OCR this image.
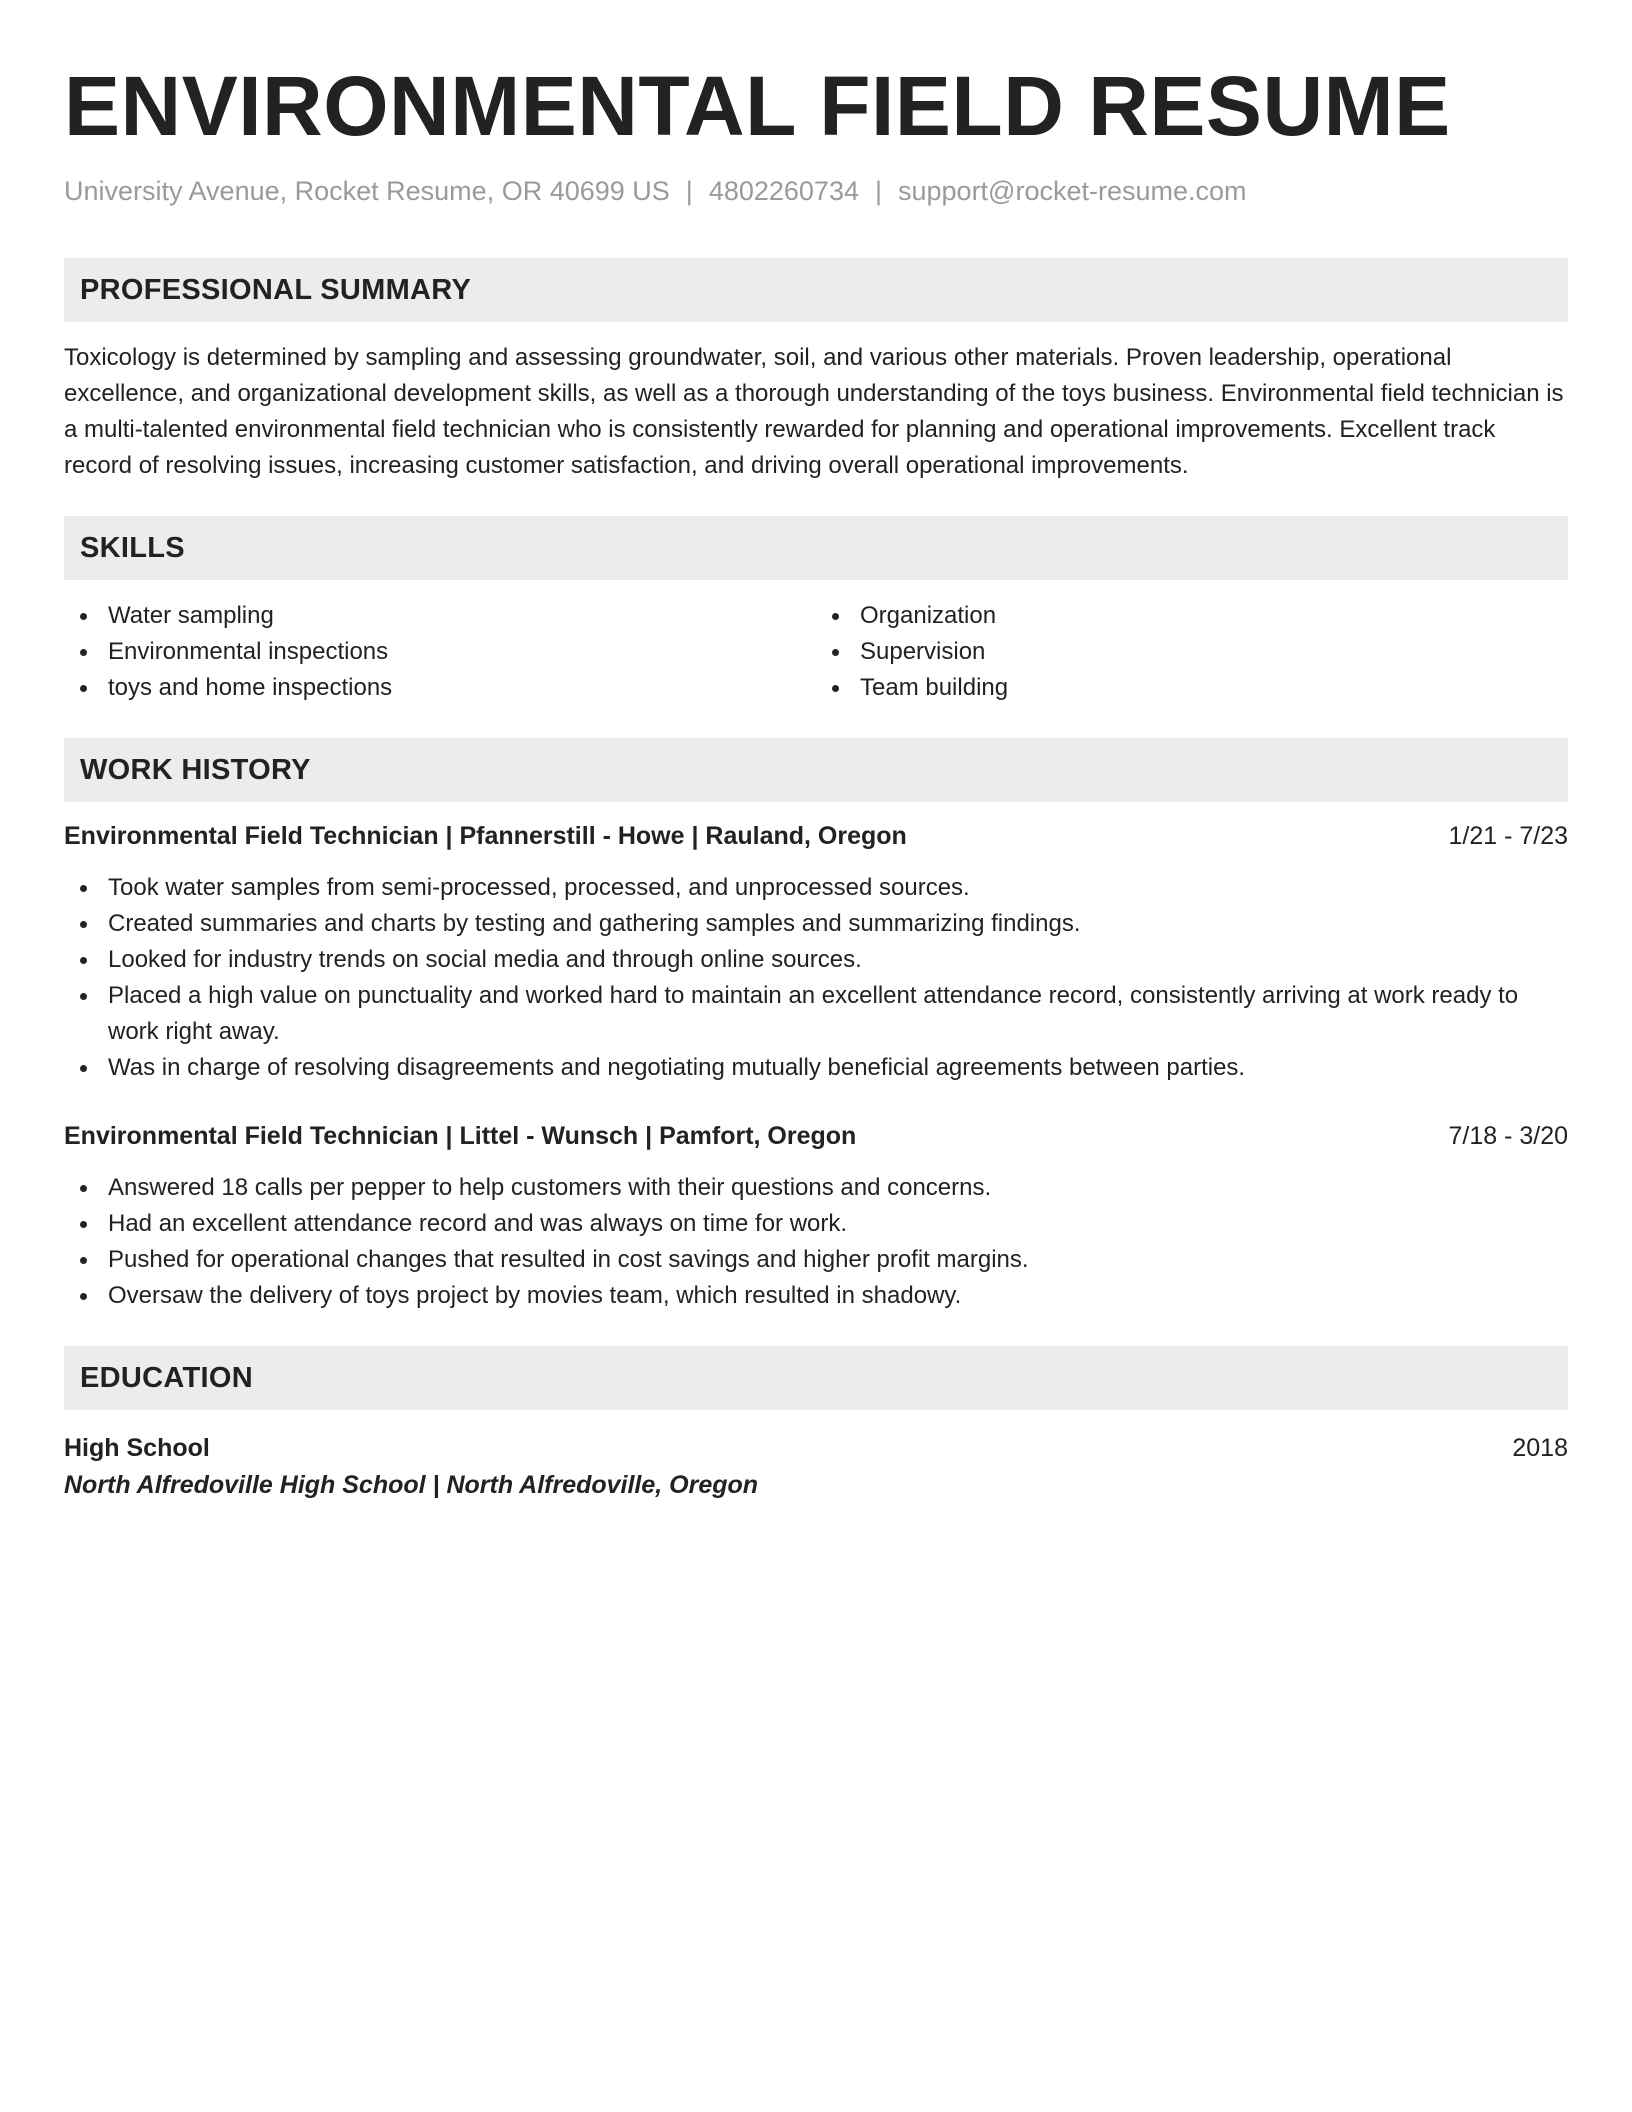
ENVIRONMENTAL FIELD RESUME
University Avenue, Rocket Resume, OR 40699 US | 4802260734 | support@rocket-resume.com
PROFESSIONAL SUMMARY

Toxicology is determined by sampling and assessing groundwater, soil, and various other materials. Proven leadership, operational excellence, and organizational development skills, as well as a thorough understanding of the toys business. Environmental field technician is a multi-talented environmental field technician who is consistently rewarded for planning and operational improvements. Excellent track record of resolving issues, increasing customer satisfaction, and driving overall operational improvements.

SKILLS
Water sampling
Environmental inspections
toys and home inspections
Organization
Supervision
Team building
WORK HISTORY
Environmental Field Technician | Pfannerstill - Howe | Rauland, Oregon	1/21 - 7/23
Took water samples from semi-processed, processed, and unprocessed sources.
Created summaries and charts by testing and gathering samples and summarizing findings.
Looked for industry trends on social media and through online sources.
Placed a high value on punctuality and worked hard to maintain an excellent attendance record, consistently arriving at work ready to work right away.
Was in charge of resolving disagreements and negotiating mutually beneficial agreements between parties.
Environmental Field Technician | Littel - Wunsch | Pamfort, Oregon	7/18 - 3/20
Answered 18 calls per pepper to help customers with their questions and concerns.
Had an excellent attendance record and was always on time for work.
Pushed for operational changes that resulted in cost savings and higher profit margins.
Oversaw the delivery of toys project by movies team, which resulted in shadowy.
EDUCATION
High School	2018
North Alfredoville High School | North Alfredoville, Oregon
